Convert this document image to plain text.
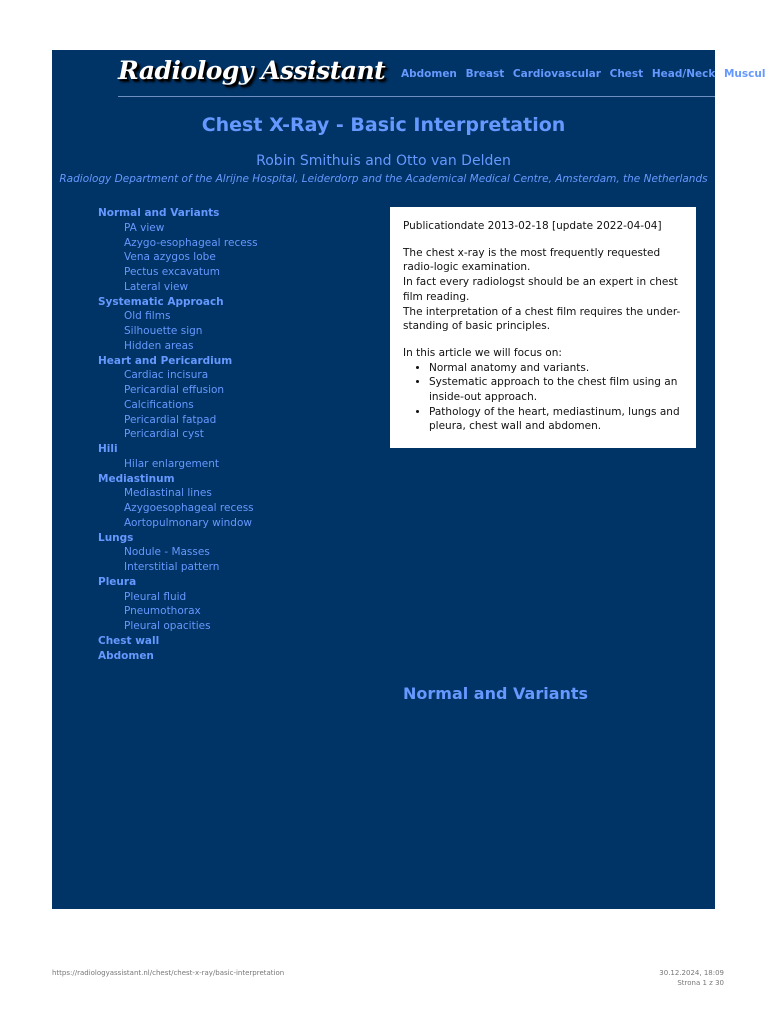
Radiology Assistant Abdomen Breast Cardiovascular Chest Head/Neck Muscul
Chest X-Ray - Basic Interpretation
Robin Smithuis and Otto van Delden
Radiology Department of the Alrijne Hospital, Leiderdorp and the Academical Medical Centre, Amsterdam, the Netherlands
Normal and Variants
PA view
Azygo-esophageal recess
Vena azygos lobe
Pectus excavatum
Lateral view
Systematic Approach
Old films
Silhouette sign
Hidden areas
Heart and Pericardium
Cardiac incisura
Pericardial effusion
Calcifications
Pericardial fatpad
Pericardial cyst
Hili
Hilar enlargement
Mediastinum
Mediastinal lines
Azygoesophageal recess
Aortopulmonary window
Lungs
Nodule - Masses
Interstitial pattern
Pleura
Pleural fluid
Pneumothorax
Pleural opacities
Chest wall
Abdomen

Publicationdate 2013-02-18 [update 2022-04-04]

The chest x-ray is the most frequently requested radio-logic examination.

In fact every radiologst should be an expert in chest film reading.

The interpretation of a chest film requires the under-standing of basic principles.

In this article we will focus on:

• Normal anatomy and variants.
• Systematic approach to the chest film using an inside-out approach.
• Pathology of the heart, mediastinum, lungs and pleura, chest wall and abdomen.
Normal and Variants
https://radiologyassistant.nl/chest/chest-x-ray/basic-interpretation	30.12.2024, 18:09
Strona 1 z 30
